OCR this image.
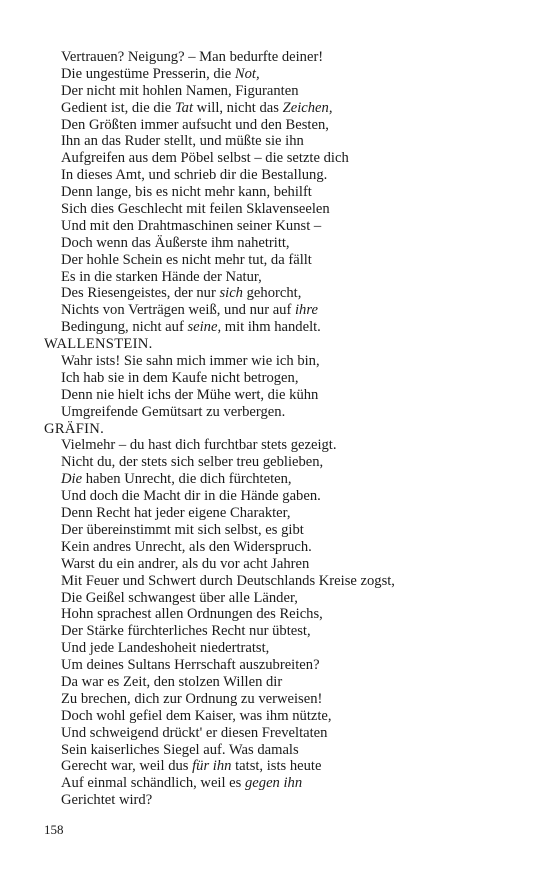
Vertrauen? Neigung? – Man bedurfte deiner!
Die ungestüme Presserin, die Not,
Der nicht mit hohlen Namen, Figuranten
Gedient ist, die die Tat will, nicht das Zeichen,
Den Größten immer aufsucht und den Besten,
Ihn an das Ruder stellt, und müßte sie ihn
Aufgreifen aus dem Pöbel selbst – die setzte dich
In dieses Amt, und schrieb dir die Bestallung.
Denn lange, bis es nicht mehr kann, behilft
Sich dies Geschlecht mit feilen Sklavenseelen
Und mit den Drahtmaschinen seiner Kunst –
Doch wenn das Äußerste ihm nahetritt,
Der hohle Schein es nicht mehr tut, da fällt
Es in die starken Hände der Natur,
Des Riesengeistes, der nur sich gehorcht,
Nichts von Verträgen weiß, und nur auf ihre
Bedingung, nicht auf seine, mit ihm handelt.
WALLENSTEIN.
Wahr ists! Sie sahn mich immer wie ich bin,
Ich hab sie in dem Kaufe nicht betrogen,
Denn nie hielt ichs der Mühe wert, die kühn
Umgreifende Gemütsart zu verbergen.
GRÄFIN.
Vielmehr – du hast dich furchtbar stets gezeigt.
Nicht du, der stets sich selber treu geblieben,
Die haben Unrecht, die dich fürchteten,
Und doch die Macht dir in die Hände gaben.
Denn Recht hat jeder eigene Charakter,
Der übereinstimmt mit sich selbst, es gibt
Kein andres Unrecht, als den Widerspruch.
Warst du ein andrer, als du vor acht Jahren
Mit Feuer und Schwert durch Deutschlands Kreise zogst,
Die Geißel schwangest über alle Länder,
Hohn sprachest allen Ordnungen des Reichs,
Der Stärke fürchterliches Recht nur übtest,
Und jede Landeshoheit niedertratst,
Um deines Sultans Herrschaft auszubreiten?
Da war es Zeit, den stolzen Willen dir
Zu brechen, dich zur Ordnung zu verweisen!
Doch wohl gefiel dem Kaiser, was ihm nützte,
Und schweigend drückt' er diesen Freveltaten
Sein kaiserliches Siegel auf. Was damals
Gerecht war, weil dus für ihn tatst, ists heute
Auf einmal schändlich, weil es gegen ihn
Gerichtet wird?
158
